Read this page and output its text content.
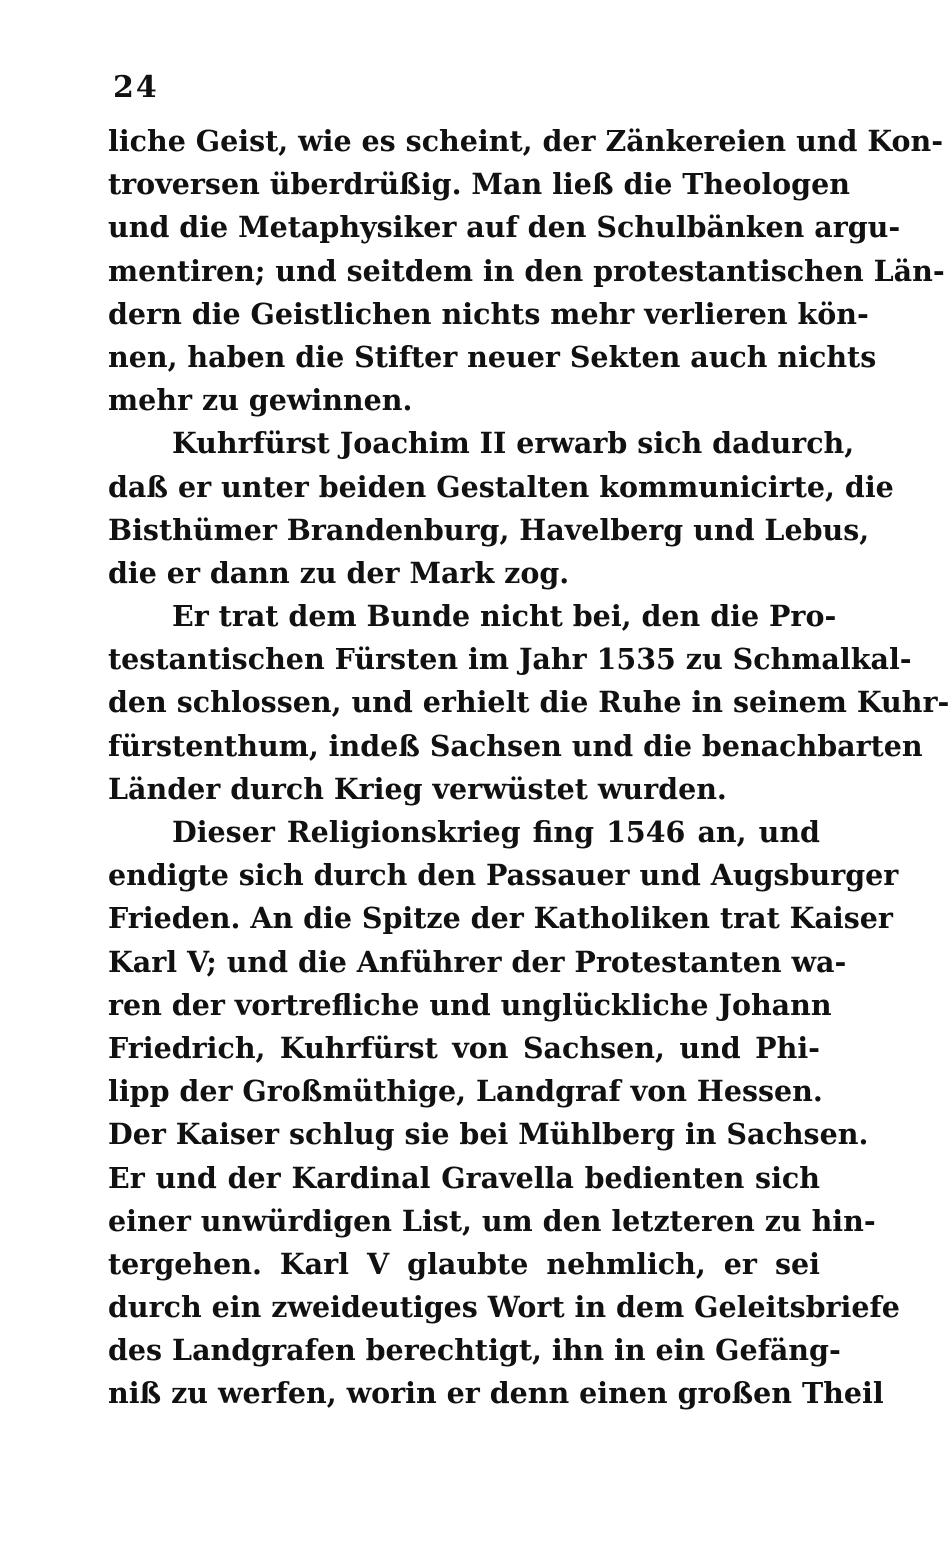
24
liche Geist, wie es scheint, der Zänkereien und Kon-
troversen überdrüßig. Man ließ die Theologen
und die Metaphysiker auf den Schulbänken argu-
mentiren; und seitdem in den protestantischen Län-
dern die Geistlichen nichts mehr verlieren kön-
nen, haben die Stifter neuer Sekten auch nichts
mehr zu gewinnen.
Kuhrfürst Joachim II erwarb sich dadurch,
daß er unter beiden Gestalten kommunicirte, die
Bisthümer Brandenburg, Havelberg und Lebus,
die er dann zu der Mark zog.
Er trat dem Bunde nicht bei, den die Pro-
testantischen Fürsten im Jahr 1535 zu Schmalkal-
den schlossen, und erhielt die Ruhe in seinem Kuhr-
fürstenthum, indeß Sachsen und die benachbarten
Länder durch Krieg verwüstet wurden.
Dieser Religionskrieg fing 1546 an, und
endigte sich durch den Passauer und Augsburger
Frieden. An die Spitze der Katholiken trat Kaiser
Karl V; und die Anführer der Protestanten wa-
ren der vortrefliche und unglückliche Johann
Friedrich, Kuhrfürst von Sachsen, und Phi-
lipp der Großmüthige, Landgraf von Hessen.
Der Kaiser schlug sie bei Mühlberg in Sachsen.
Er und der Kardinal Gravella bedienten sich
einer unwürdigen List, um den letzteren zu hin-
tergehen. Karl V glaubte nehmlich, er sei
durch ein zweideutiges Wort in dem Geleitsbriefe
des Landgrafen berechtigt, ihn in ein Gefäng-
niß zu werfen, worin er denn einen großen Theil
